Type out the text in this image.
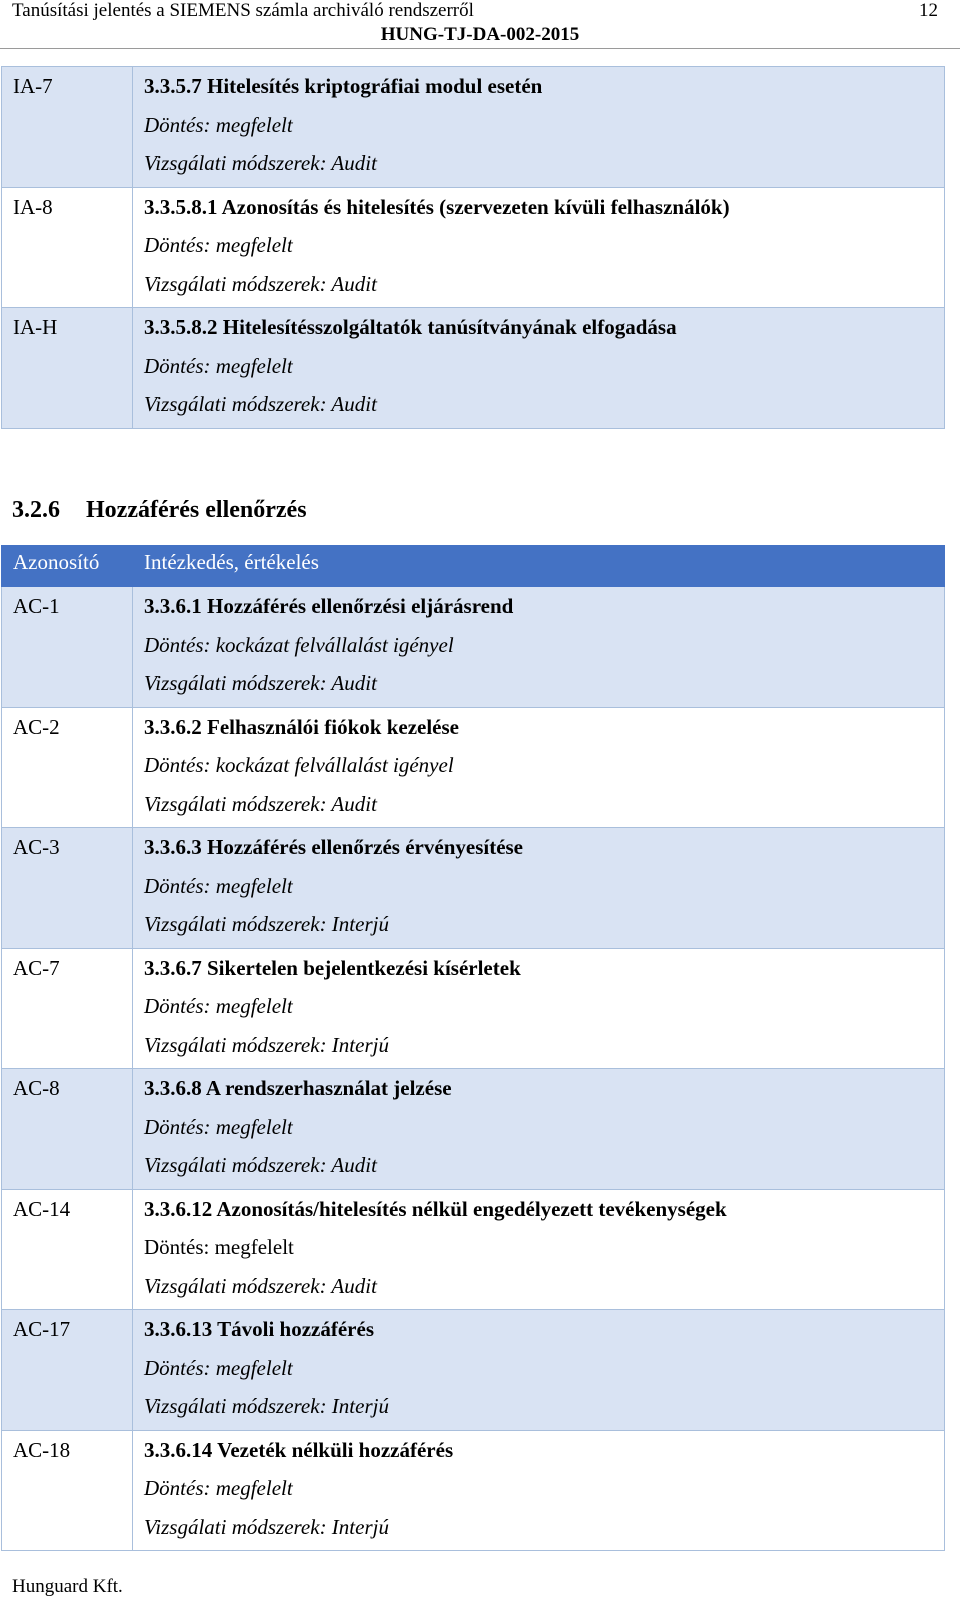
Tanúsítási jelentés a SIEMENS számla archiváló rendszerről	12
HUNG-TJ-DA-002-2015
IA-7	3.3.5.7 Hitelesítés kriptográfiai modul esetén
Döntés: megfelelt
Vizsgálati módszerek: Audit

IA-8	3.3.5.8.1 Azonosítás és hitelesítés (szervezeten kívüli felhasználók)
Döntés: megfelelt
Vizsgálati módszerek: Audit

IA-H	3.3.5.8.2 Hitelesítésszolgáltatók tanúsítványának elfogadása
Döntés: megfelelt
Vizsgálati módszerek: Audit
3.2.6 Hozzáférés ellenőrzés
Azonosító	Intézkedés, értékelés
AC-1	3.3.6.1 Hozzáférés ellenőrzési eljárásrend
Döntés: kockázat felvállalást igényel
Vizsgálati módszerek: Audit

AC-2	3.3.6.2 Felhasználói fiókok kezelése
Döntés: kockázat felvállalást igényel
Vizsgálati módszerek: Audit

AC-3	3.3.6.3 Hozzáférés ellenőrzés érvényesítése
Döntés: megfelelt
Vizsgálati módszerek: Interjú

AC-7	3.3.6.7 Sikertelen bejelentkezési kísérletek
Döntés: megfelelt
Vizsgálati módszerek: Interjú

AC-8	3.3.6.8 A rendszerhasználat jelzése
Döntés: megfelelt
Vizsgálati módszerek: Audit

AC-14	3.3.6.12 Azonosítás/hitelesítés nélkül engedélyezett tevékenységek
Döntés: megfelelt
Vizsgálati módszerek: Audit

AC-17	3.3.6.13 Távoli hozzáférés
Döntés: megfelelt
Vizsgálati módszerek: Interjú

AC-18	3.3.6.14 Vezeték nélküli hozzáférés
Döntés: megfelelt
Vizsgálati módszerek: Interjú
Hunguard Kft.
